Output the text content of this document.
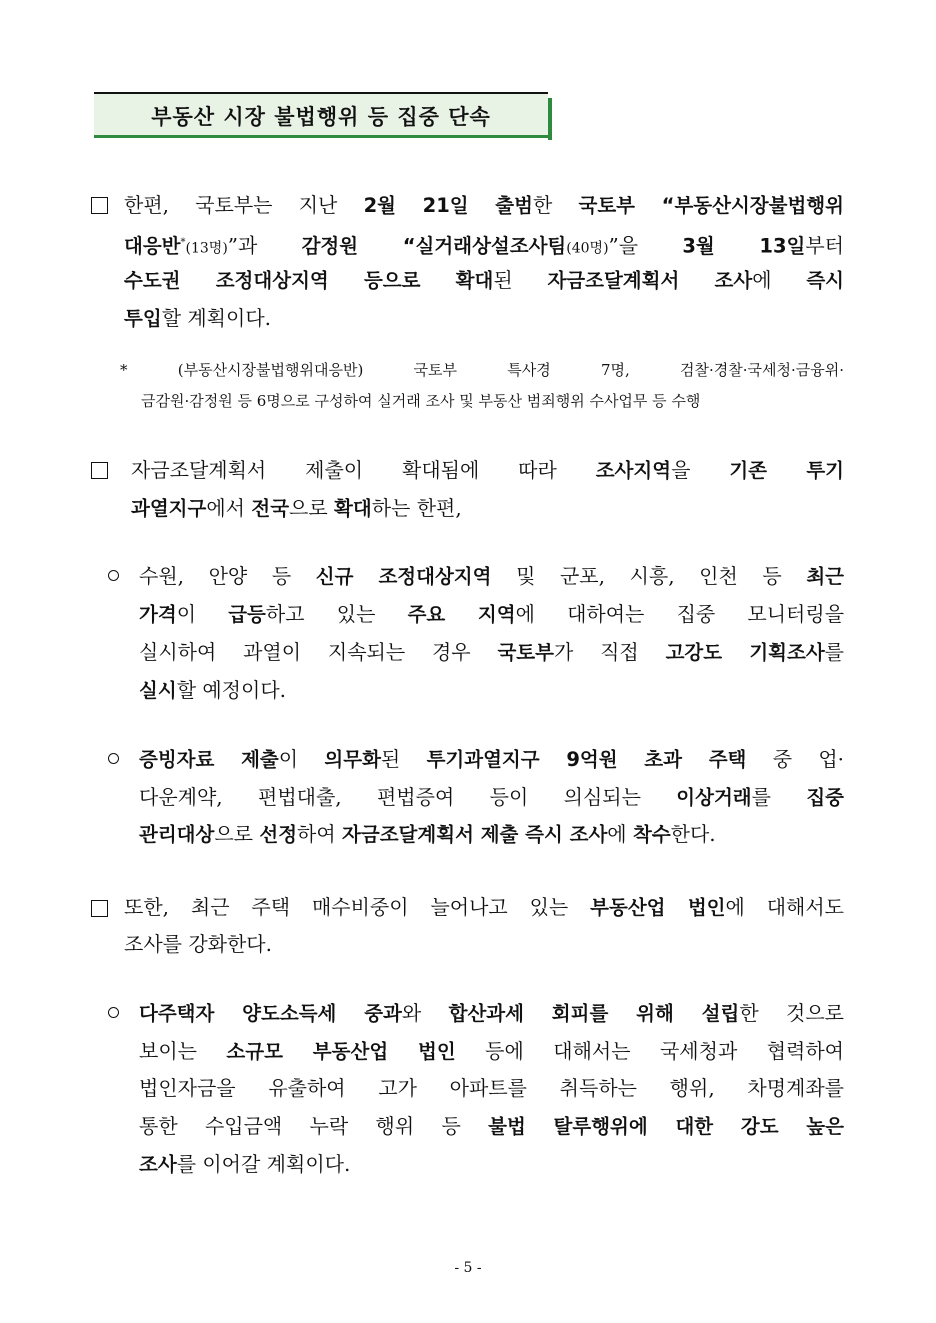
부동산 시장 불법행위 등 집중 단속
한편, 국토부는 지난 2월 21일 출범한 국토부 “부동산시장불법행위
대응반*(13명)”과 감정원 “실거래상설조사팀(40명)”을 3월 13일부터
수도권 조정대상지역 등으로 확대된 자금조달계획서 조사에 즉시
투입할 계획이다.
* (부동산시장불법행위대응반) 국토부 특사경 7명, 검찰·경찰·국세청·금융위·
금감원·감정원 등 6명으로 구성하여 실거래 조사 및 부동산 범죄행위 수사업무 등 수행
자금조달계획서 제출이 확대됨에 따라 조사지역을 기존 투기
과열지구에서 전국으로 확대하는 한편,
수원, 안양 등 신규 조정대상지역 및 군포, 시흥, 인천 등 최근
가격이 급등하고 있는 주요 지역에 대하여는 집중 모니터링을
실시하여 과열이 지속되는 경우 국토부가 직접 고강도 기획조사를
실시할 예정이다.
증빙자료 제출이 의무화된 투기과열지구 9억원 초과 주택 중 업·
다운계약, 편법대출, 편법증여 등이 의심되는 이상거래를 집중
관리대상으로 선정하여 자금조달계획서 제출 즉시 조사에 착수한다.
또한, 최근 주택 매수비중이 늘어나고 있는 부동산업 법인에 대해서도
조사를 강화한다.
다주택자 양도소득세 중과와 합산과세 회피를 위해 설립한 것으로
보이는 소규모 부동산업 법인 등에 대해서는 국세청과 협력하여
법인자금을 유출하여 고가 아파트를 취득하는 행위, 차명계좌를
통한 수입금액 누락 행위 등 불법 탈루행위에 대한 강도 높은
조사를 이어갈 계획이다.
- 5 -
